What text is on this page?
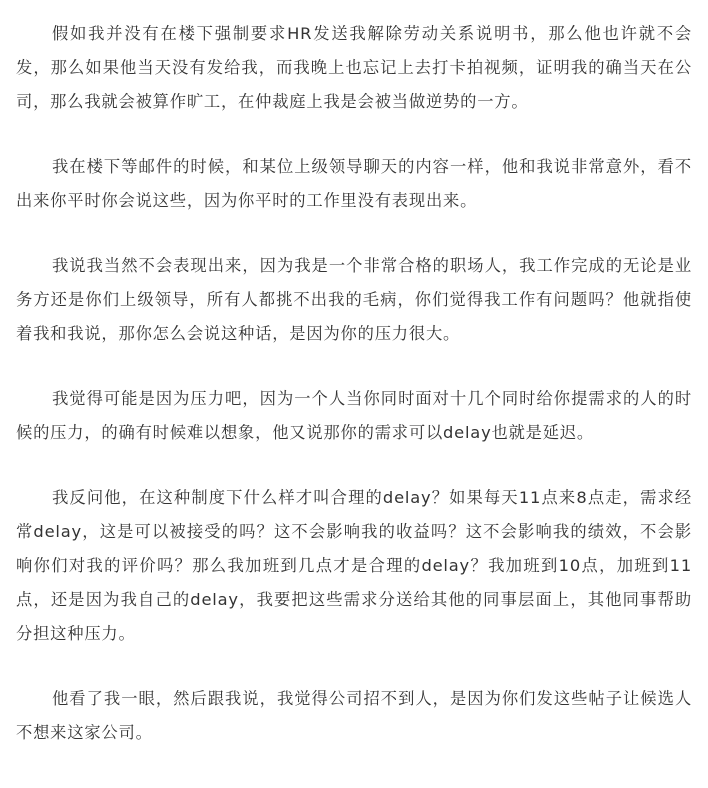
假如我并没有在楼下强制要求HR发送我解除劳动关系说明书，那么他也许就不会发，那么如果他当天没有发给我，而我晚上也忘记上去打卡拍视频，证明我的确当天在公司，那么我就会被算作旷工，在仲裁庭上我是会被当做逆势的一方。

我在楼下等邮件的时候，和某位上级领导聊天的内容一样，他和我说非常意外，看不出来你平时你会说这些，因为你平时的工作里没有表现出来。

我说我当然不会表现出来，因为我是一个非常合格的职场人，我工作完成的无论是业务方还是你们上级领导，所有人都挑不出我的毛病，你们觉得我工作有问题吗？他就指使着我和我说，那你怎么会说这种话，是因为你的压力很大。

我觉得可能是因为压力吧，因为一个人当你同时面对十几个同时给你提需求的人的时候的压力，的确有时候难以想象，他又说那你的需求可以delay也就是延迟。

我反问他，在这种制度下什么样才叫合理的delay？如果每天11点来8点走，需求经常delay，这是可以被接受的吗？这不会影响我的收益吗？这不会影响我的绩效，不会影响你们对我的评价吗？那么我加班到几点才是合理的delay？我加班到10点，加班到11点，还是因为我自己的delay，我要把这些需求分送给其他的同事层面上，其他同事帮助分担这种压力。

他看了我一眼，然后跟我说，我觉得公司招不到人，是因为你们发这些帖子让候选人不想来这家公司。
